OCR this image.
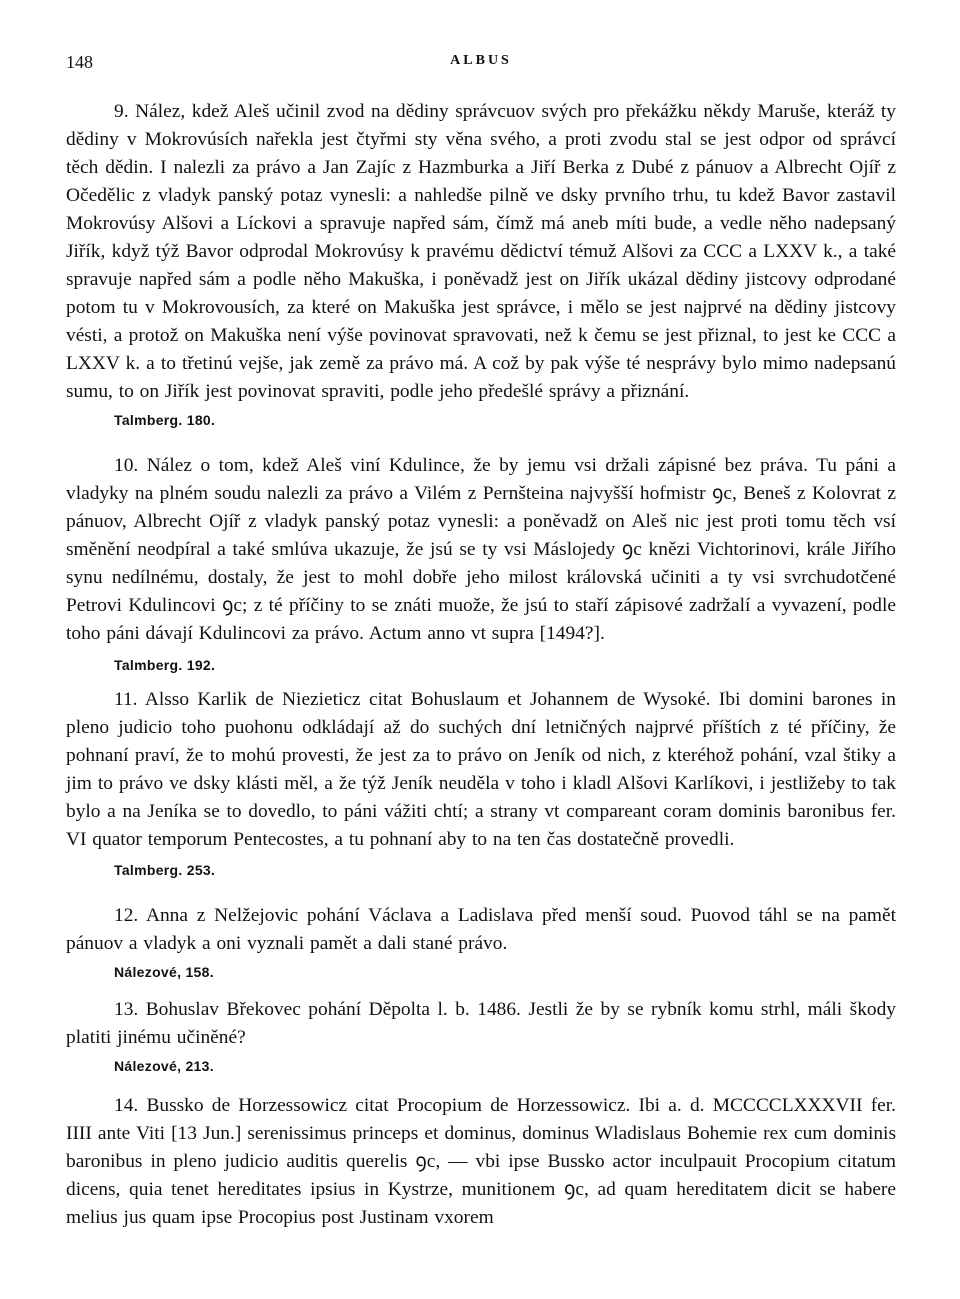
148	ALBUS

9. Nález, kdež Aleš učinil zvod na dědiny správcuov svých pro překážku někdy Maruše, kteráž ty dědiny v Mokrovúsích nařekla jest čtyřmi sty věna svého, a proti zvodu stal se jest odpor od správcí těch dědin. I nalezli za právo a Jan Zajíc z Hazmburka a Jiří Berka z Dubé z pánuov a Albrecht Ojíř z Očedělic z vladyk panský potaz vynesli: a nahledše pilně ve dsky prvního trhu, tu kdež Bavor zastavil Mokrovúsy Alšovi a Líckovi a spravuje napřed sám, čímž má aneb míti bude, a vedle něho nadepsaný Jiřík, když týž Bavor odprodal Mokrovúsy k pravému dědictví témuž Alšovi za CCC a LXXV k., a také spravuje napřed sám a podle něho Makuška, i poněvadž jest on Jiřík ukázal dědiny jistcovy odprodané potom tu v Mokrovousích, za které on Makuška jest správce, i mělo se jest najprvé na dědiny jistcovy vésti, a protož on Makuška není výše povinovat spravovati, než k čemu se jest přiznal, to jest ke CCC a LXXV k. a to třetinú vejše, jak země za právo má. A což by pak výše té nesprávy bylo mimo nadepsanú sumu, to on Jiřík jest povinovat spraviti, podle jeho předešlé správy a přiznání.

Talmberg. 180.

10. Nález o tom, kdež Aleš viní Kdulince, že by jemu vsi držali zápisné bez práva. Tu páni a vladyky na plném soudu nalezli za právo a Vilém z Pernšteina najvyšší hofmistr ꝯc, Beneš z Kolovrat z pánuov, Albrecht Ojíř z vladyk panský potaz vynesli: a poněvadž on Aleš nic jest proti tomu těch vsí směnění neodpíral a také smlúva ukazuje, že jsú se ty vsi Máslojedy ꝯc knězi Vichtorinovi, krále Jiřího synu nedílnému, dostaly, že jest to mohl dobře jeho milost královská učiniti a ty vsi svrchudotčené Petrovi Kdulincovi ꝯc; z té příčiny to se znáti muože, že jsú to staří zápisové zadržalí a vyvazení, podle toho páni dávají Kdulincovi za právo. Actum anno vt supra [1494?].

Talmberg. 192.

11. Alsso Karlik de Niezieticz citat Bohuslaum et Johannem de Wysoké. Ibi domini barones in pleno judicio toho puohonu odkládají až do suchých dní letničných najprvé příštích z té příčiny, že pohnaní praví, že to mohú provesti, že jest za to právo on Jeník od nich, z kteréhož pohání, vzal štiky a jim to právo ve dsky klásti měl, a že týž Jeník neuděla v toho i kladl Alšovi Karlíkovi, i jestližeby to tak bylo a na Jeníka se to dovedlo, to páni vážiti chtí; a strany vt compareant coram dominis baronibus fer. VI quator temporum Pentecostes, a tu pohnaní aby to na ten čas dostatečně provedli.

Talmberg. 253.

12. Anna z Nelžejovic pohání Václava a Ladislava před menší soud. Puovod táhl se na pamět pánuov a vladyk a oni vyznali pamět a dali stané právo.

Nálezové, 158.

13. Bohuslav Břekovec pohání Děpolta l. b. 1486. Jestli že by se rybník komu strhl, máli škody platiti jinému učiněné?

Nálezové, 213.

14. Bussko de Horzessowicz citat Procopium de Horzessowicz. Ibi a. d. MCCCCLXXXVII fer. IIII ante Viti [13 Jun.] serenissimus princeps et dominus, dominus Wladislaus Bohemie rex cum dominis baronibus in pleno judicio auditis querelis ꝯc, — vbi ipse Bussko actor inculpauit Procopium citatum dicens, quia tenet hereditates ipsius in Kystrze, munitionem ꝯc, ad quam hereditatem dicit se habere melius jus quam ipse Procopius post Justinam vxorem
